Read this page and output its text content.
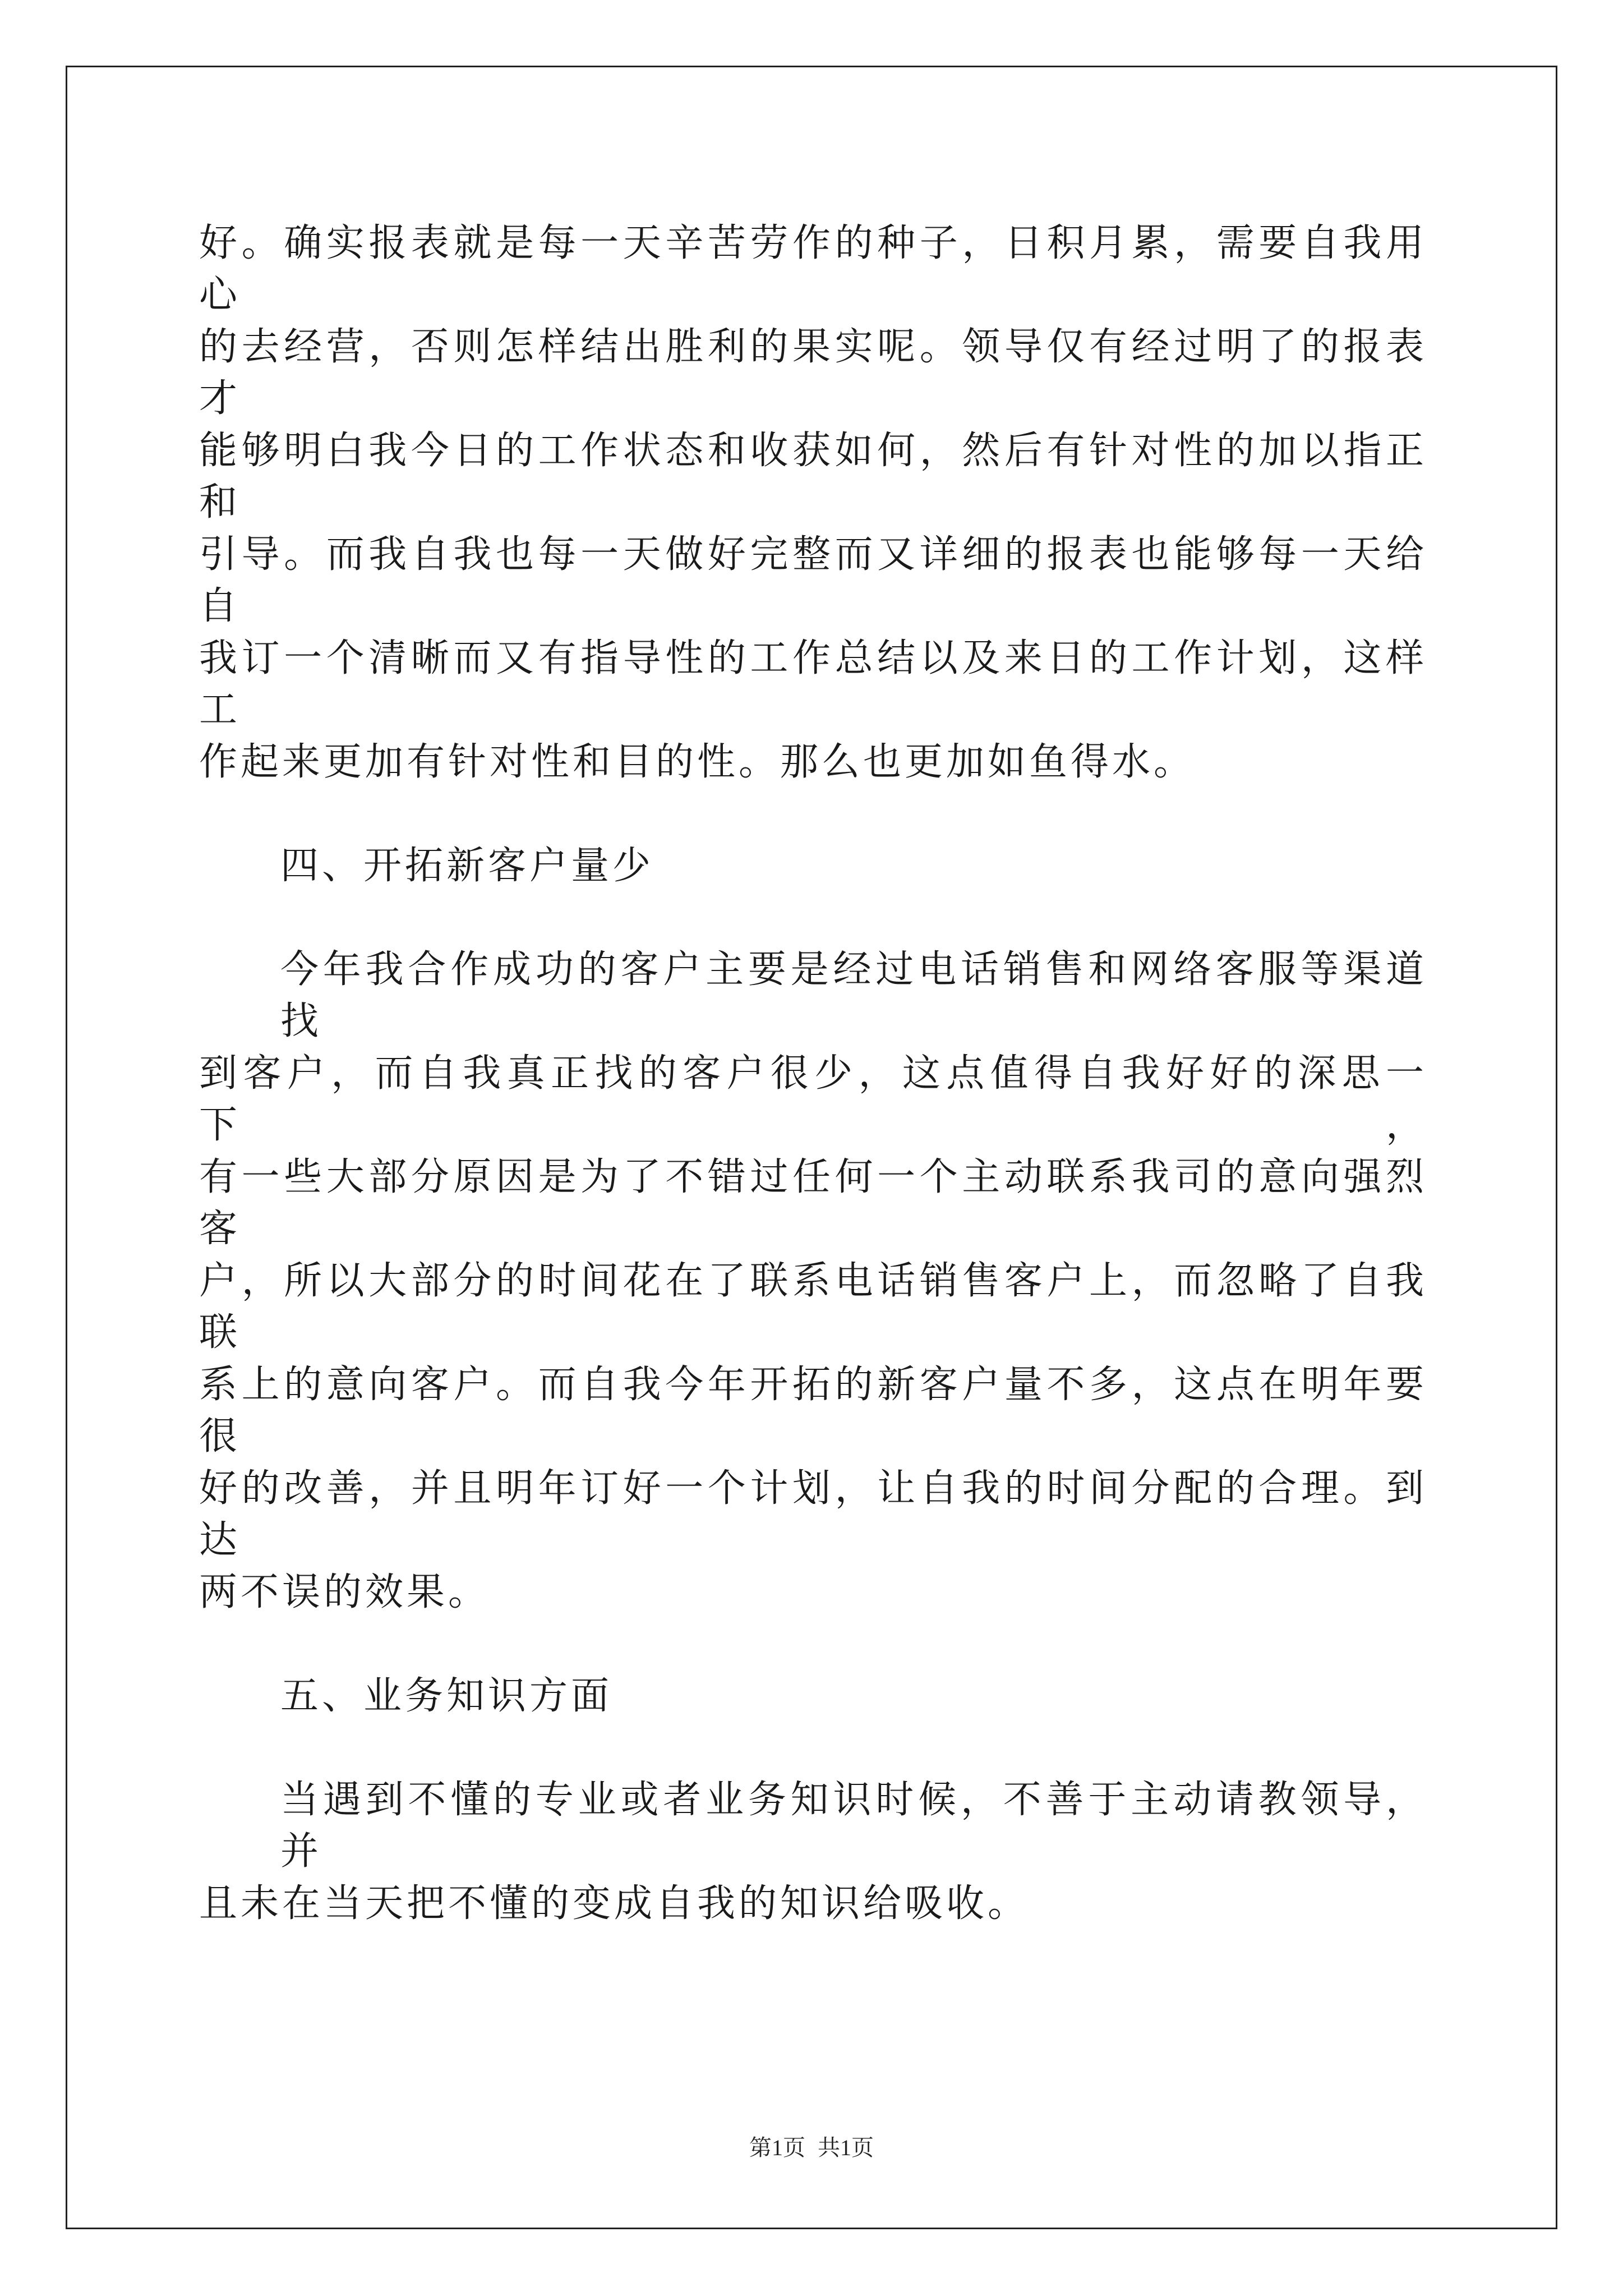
好。确实报表就是每一天辛苦劳作的种子，日积月累，需要自我用心
的去经营，否则怎样结出胜利的果实呢。领导仅有经过明了的报表才
能够明白我今日的工作状态和收获如何，然后有针对性的加以指正和
引导。而我自我也每一天做好完整而又详细的报表也能够每一天给自
我订一个清晰而又有指导性的工作总结以及来日的工作计划，这样工
作起来更加有针对性和目的性。那么也更加如鱼得水。
四、开拓新客户量少
今年我合作成功的客户主要是经过电话销售和网络客服等渠道找
到客户，而自我真正找的客户很少，这点值得自我好好的深思一下，
有一些大部分原因是为了不错过任何一个主动联系我司的意向强烈客
户，所以大部分的时间花在了联系电话销售客户上，而忽略了自我联
系上的意向客户。而自我今年开拓的新客户量不多，这点在明年要很
好的改善，并且明年订好一个计划，让自我的时间分配的合理。到达
两不误的效果。
五、业务知识方面
当遇到不懂的专业或者业务知识时候，不善于主动请教领导，并
且未在当天把不懂的变成自我的知识给吸收。
第1页 共1页
